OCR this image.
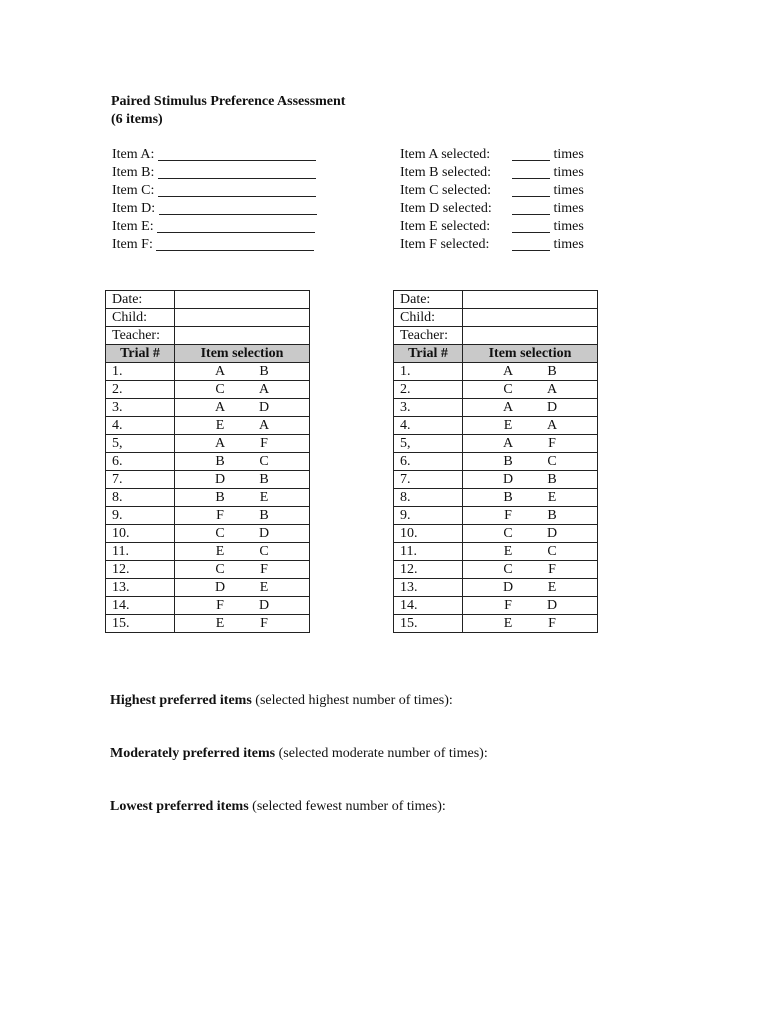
Paired Stimulus Preference Assessment
(6 items)
Item A:
Item B:
Item C:
Item D:
Item E:
Item F:
Item A selected:	times
Item B selected:	times
Item C selected:	times
Item D selected:	times
Item E selected:	times
Item F selected:	times
Date:	
Child:	
Teacher:	
Trial #	Item selection
1.	A B

2.	C A

3.	A D

4.	E A

5,	A F

6.	B C

7.	D B

8.	B E

9.	F B

10.	C D

11.	E C

12.	C F

13.	D E

14.	F D

15.	E F
Date:	
Child:	
Teacher:	
Trial #	Item selection
1.	A B

2.	C A

3.	A D

4.	E A

5,	A F

6.	B C

7.	D B

8.	B E

9.	F B

10.	C D

11.	E C

12.	C F

13.	D E

14.	F D

15.	E F
Highest preferred items (selected highest number of times):
Moderately preferred items (selected moderate number of times):
Lowest preferred items (selected fewest number of times):
